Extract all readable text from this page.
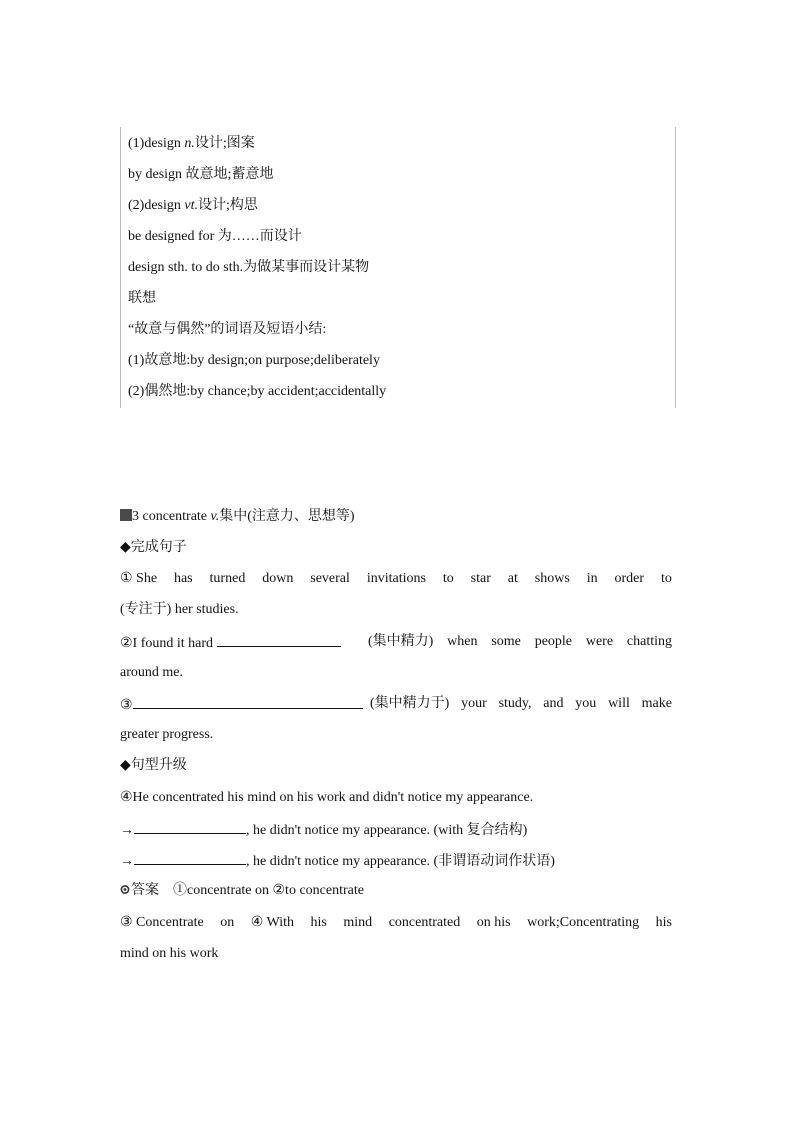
(1)design n.设计;图案
by design 故意地;蓄意地
(2)design vt.设计;构思
be designed for 为……而设计
design sth. to do sth.为做某事而设计某物
联想
“故意与偶然”的词语及短语小结:
(1)故意地:by design;on purpose;deliberately
(2)偶然地:by chance;by accident;accidentally
3 concentrate v.集中(注意力、思想等)
◆完成句子
① She has turned down several invitations to star at shows in order to
(专注于) her studies.
②I found it hard	(集中精力) when some people were chatting
around me.
③	(集中精力于) your study, and you will make
greater progress.
◆句型升级
④He concentrated his mind on his work and didn't notice my appearance.
→	, he didn't notice my appearance. (with 复合结构)
→	, he didn't notice my appearance. (非谓语动词作状语)
答案 ①concentrate on ②to concentrate
③ Concentrate on ④ With his mind concentrated on his work;Concentrating his
mind on his work
